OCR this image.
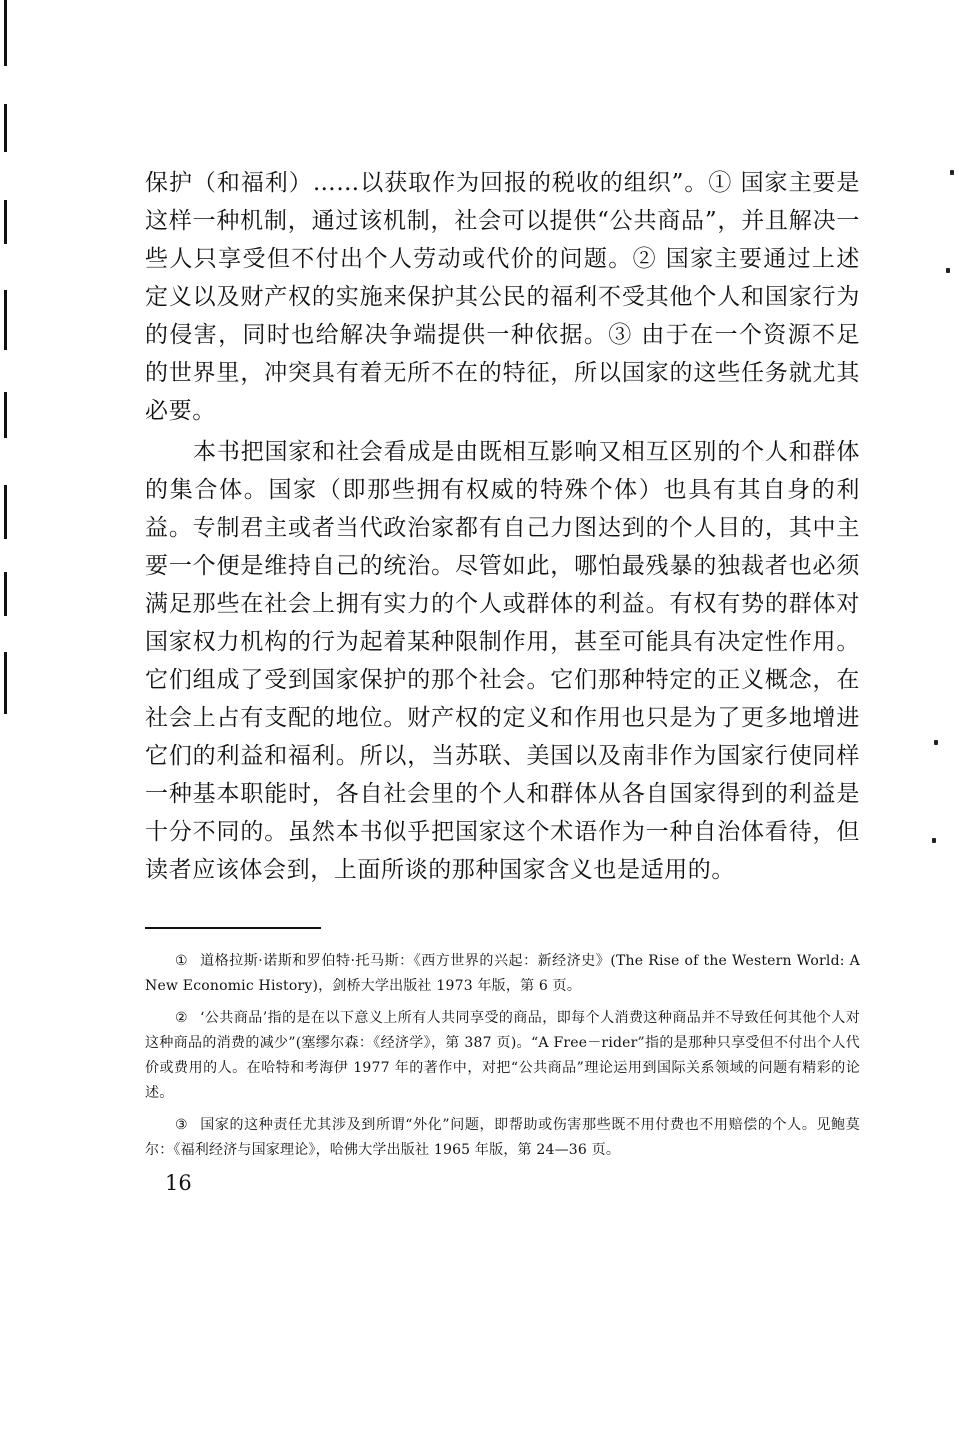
保护（和福利）……以获取作为回报的税收的组织”。① 国家主要是这样一种机制，通过该机制，社会可以提供“公共商品”，并且解决一些人只享受但不付出个人劳动或代价的问题。② 国家主要通过上述定义以及财产权的实施来保护其公民的福利不受其他个人和国家行为的侵害，同时也给解决争端提供一种依据。③ 由于在一个资源不足的世界里，冲突具有着无所不在的特征，所以国家的这些任务就尤其必要。

本书把国家和社会看成是由既相互影响又相互区别的个人和群体的集合体。国家（即那些拥有权威的特殊个体）也具有其自身的利益。专制君主或者当代政治家都有自己力图达到的个人目的，其中主要一个便是维持自己的统治。尽管如此，哪怕最残暴的独裁者也必须满足那些在社会上拥有实力的个人或群体的利益。有权有势的群体对国家权力机构的行为起着某种限制作用，甚至可能具有决定性作用。它们组成了受到国家保护的那个社会。它们那种特定的正义概念，在社会上占有支配的地位。财产权的定义和作用也只是为了更多地增进它们的利益和福利。所以，当苏联、美国以及南非作为国家行使同样一种基本职能时，各自社会里的个人和群体从各自国家得到的利益是十分不同的。虽然本书似乎把国家这个术语作为一种自治体看待，但读者应该体会到，上面所谈的那种国家含义也是适用的。

① 道格拉斯·诺斯和罗伯特·托马斯：《西方世界的兴起：新经济史》(The Rise of the Western World: A New Economic History)，剑桥大学出版社 1973 年版，第 6 页。

② ‘公共商品’指的是在以下意义上所有人共同享受的商品，即每个人消费这种商品并不导致任何其他个人对这种商品的消费的减少”(塞缪尔森：《经济学》，第 387 页)。“A Free－rider”指的是那种只享受但不付出个人代价或费用的人。在哈特和考海伊 1977 年的著作中，对把“公共商品”理论运用到国际关系领域的问题有精彩的论述。

③ 国家的这种责任尤其涉及到所谓“外化”问题，即帮助或伤害那些既不用付费也不用赔偿的个人。见鲍莫尔：《福利经济与国家理论》，哈佛大学出版社 1965 年版，第 24—36 页。

16
